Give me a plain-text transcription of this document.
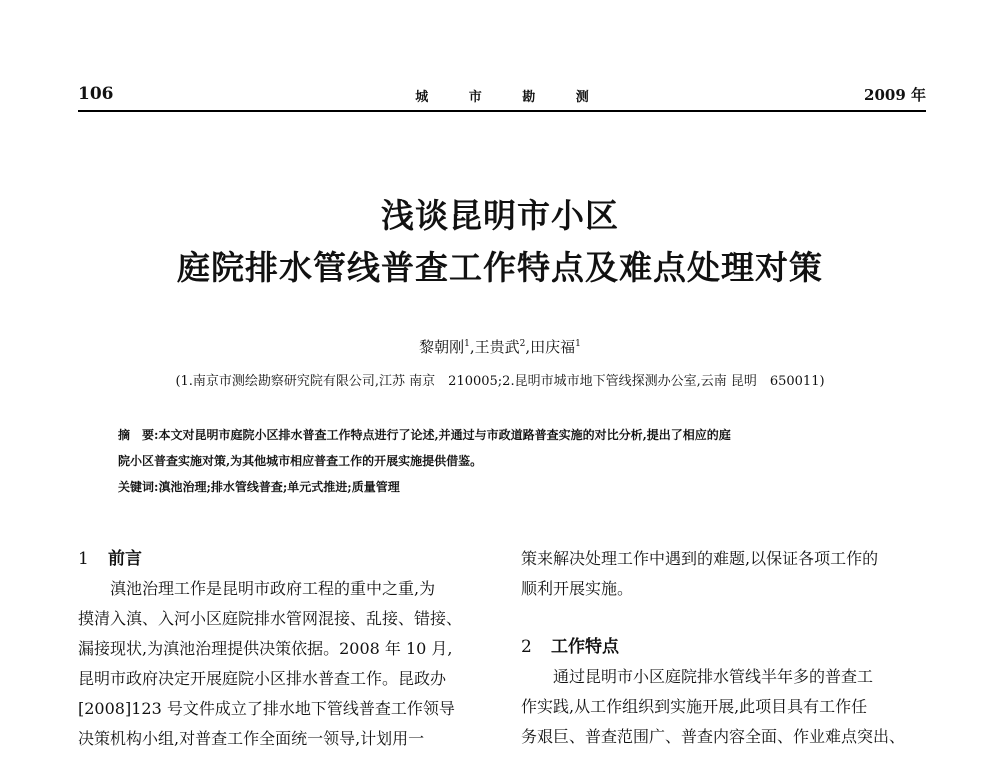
106	城 市 勘 测	2009 年
浅谈昆明市小区
庭院排水管线普查工作特点及难点处理对策
黎朝刚$^1$,王贵武$^2$,田庆福$^1$
(1.南京市测绘勘察研究院有限公司,江苏 南京　210005;2.昆明市城市地下管线探测办公室,云南 昆明　650011)
摘　要:本文对昆明市庭院小区排水普查工作特点进行了论述,并通过与市政道路普查实施的对比分析,提出了相应的庭
院小区普查实施对策,为其他城市相应普查工作的开展实施提供借鉴。
关键词:滇池治理;排水管线普查;单元式推进;质量管理
1 前言
滇池治理工作是昆明市政府工程的重中之重,为
摸清入滇、入河小区庭院排水管网混接、乱接、错接、
漏接现状,为滇池治理提供决策依据。2008 年 10 月,
昆明市政府决定开展庭院小区排水普查工作。昆政办
[2008]123 号文件成立了排水地下管线普查工作领导
决策机构小组,对普查工作全面统一领导,计划用一
策来解决处理工作中遇到的难题,以保证各项工作的
顺利开展实施。
2 工作特点
通过昆明市小区庭院排水管线半年多的普查工
作实践,从工作组织到实施开展,此项目具有工作任
务艰巨、普查范围广、普查内容全面、作业难点突出、
